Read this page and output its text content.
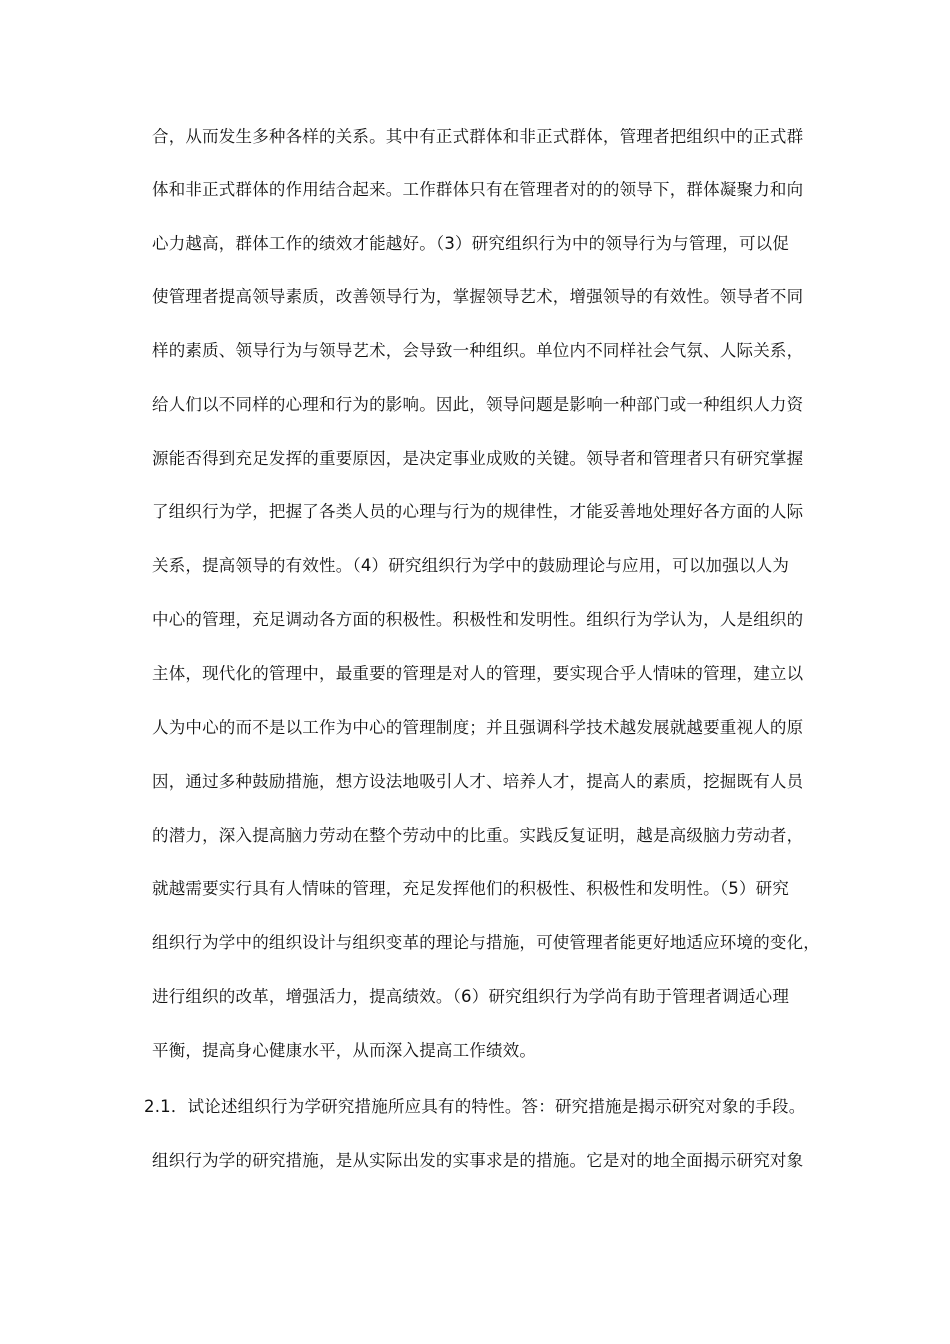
合，从而发生多种各样的关系。其中有正式群体和非正式群体，管理者把组织中的正式群
体和非正式群体的作用结合起来。工作群体只有在管理者对的的领导下，群体凝聚力和向
心力越高，群体工作的绩效才能越好。（3）研究组织行为中的领导行为与管理，可以促
使管理者提高领导素质，改善领导行为，掌握领导艺术，增强领导的有效性。领导者不同
样的素质、领导行为与领导艺术，会导致一种组织。单位内不同样社会气氛、人际关系，
给人们以不同样的心理和行为的影响。因此，领导问题是影响一种部门或一种组织人力资
源能否得到充足发挥的重要原因，是决定事业成败的关键。领导者和管理者只有研究掌握
了组织行为学，把握了各类人员的心理与行为的规律性，才能妥善地处理好各方面的人际
关系，提高领导的有效性。（4）研究组织行为学中的鼓励理论与应用，可以加强以人为
中心的管理，充足调动各方面的积极性。积极性和发明性。组织行为学认为，人是组织的
主体，现代化的管理中，最重要的管理是对人的管理，要实现合乎人情味的管理，建立以
人为中心的而不是以工作为中心的管理制度；并且强调科学技术越发展就越要重视人的原
因，通过多种鼓励措施，想方设法地吸引人才、培养人才，提高人的素质，挖掘既有人员
的潜力，深入提高脑力劳动在整个劳动中的比重。实践反复证明，越是高级脑力劳动者，
就越需要实行具有人情味的管理，充足发挥他们的积极性、积极性和发明性。（5）研究
组织行为学中的组织设计与组织变革的理论与措施，可使管理者能更好地适应环境的变化，
进行组织的改革，增强活力，提高绩效。（6）研究组织行为学尚有助于管理者调适心理
平衡，提高身心健康水平，从而深入提高工作绩效。
2.1．试论述组织行为学研究措施所应具有的特性。答：研究措施是揭示研究对象的手段。
组织行为学的研究措施，是从实际出发的实事求是的措施。它是对的地全面揭示研究对象
